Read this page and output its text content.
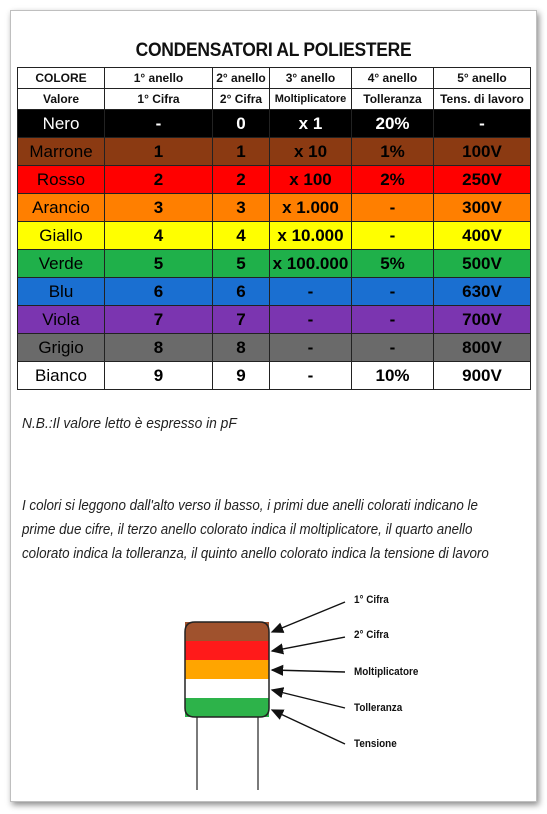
CONDENSATORI AL POLIESTERE
COLORE	1° anello	2° anello	3° anello	4° anello	5° anello
Valore	1° Cifra	2° Cifra	Moltiplicatore	Tolleranza	Tens. di lavoro
Nero	-	0	x 1	20%	-
Marrone	1	1	x 10	1%	100V
Rosso	2	2	x 100	2%	250V
Arancio	3	3	x 1.000	-	300V
Giallo	4	4	x 10.000	-	400V
Verde	5	5	x 100.000	5%	500V
Blu	6	6	-	-	630V
Viola	7	7	-	-	700V
Grigio	8	8	-	-	800V
Bianco	9	9	-	10%	900V
N.B.:Il valore letto è espresso in pF
I colori si leggono dall'alto verso il basso, i primi due anelli colorati indicano le
prime due cifre, il terzo anello colorato indica il moltiplicatore, il quarto anello
colorato indica la tolleranza, il quinto anello colorato indica la tensione di lavoro
1° Cifra
2° Cifra
Moltiplicatore
Tolleranza
Tensione
